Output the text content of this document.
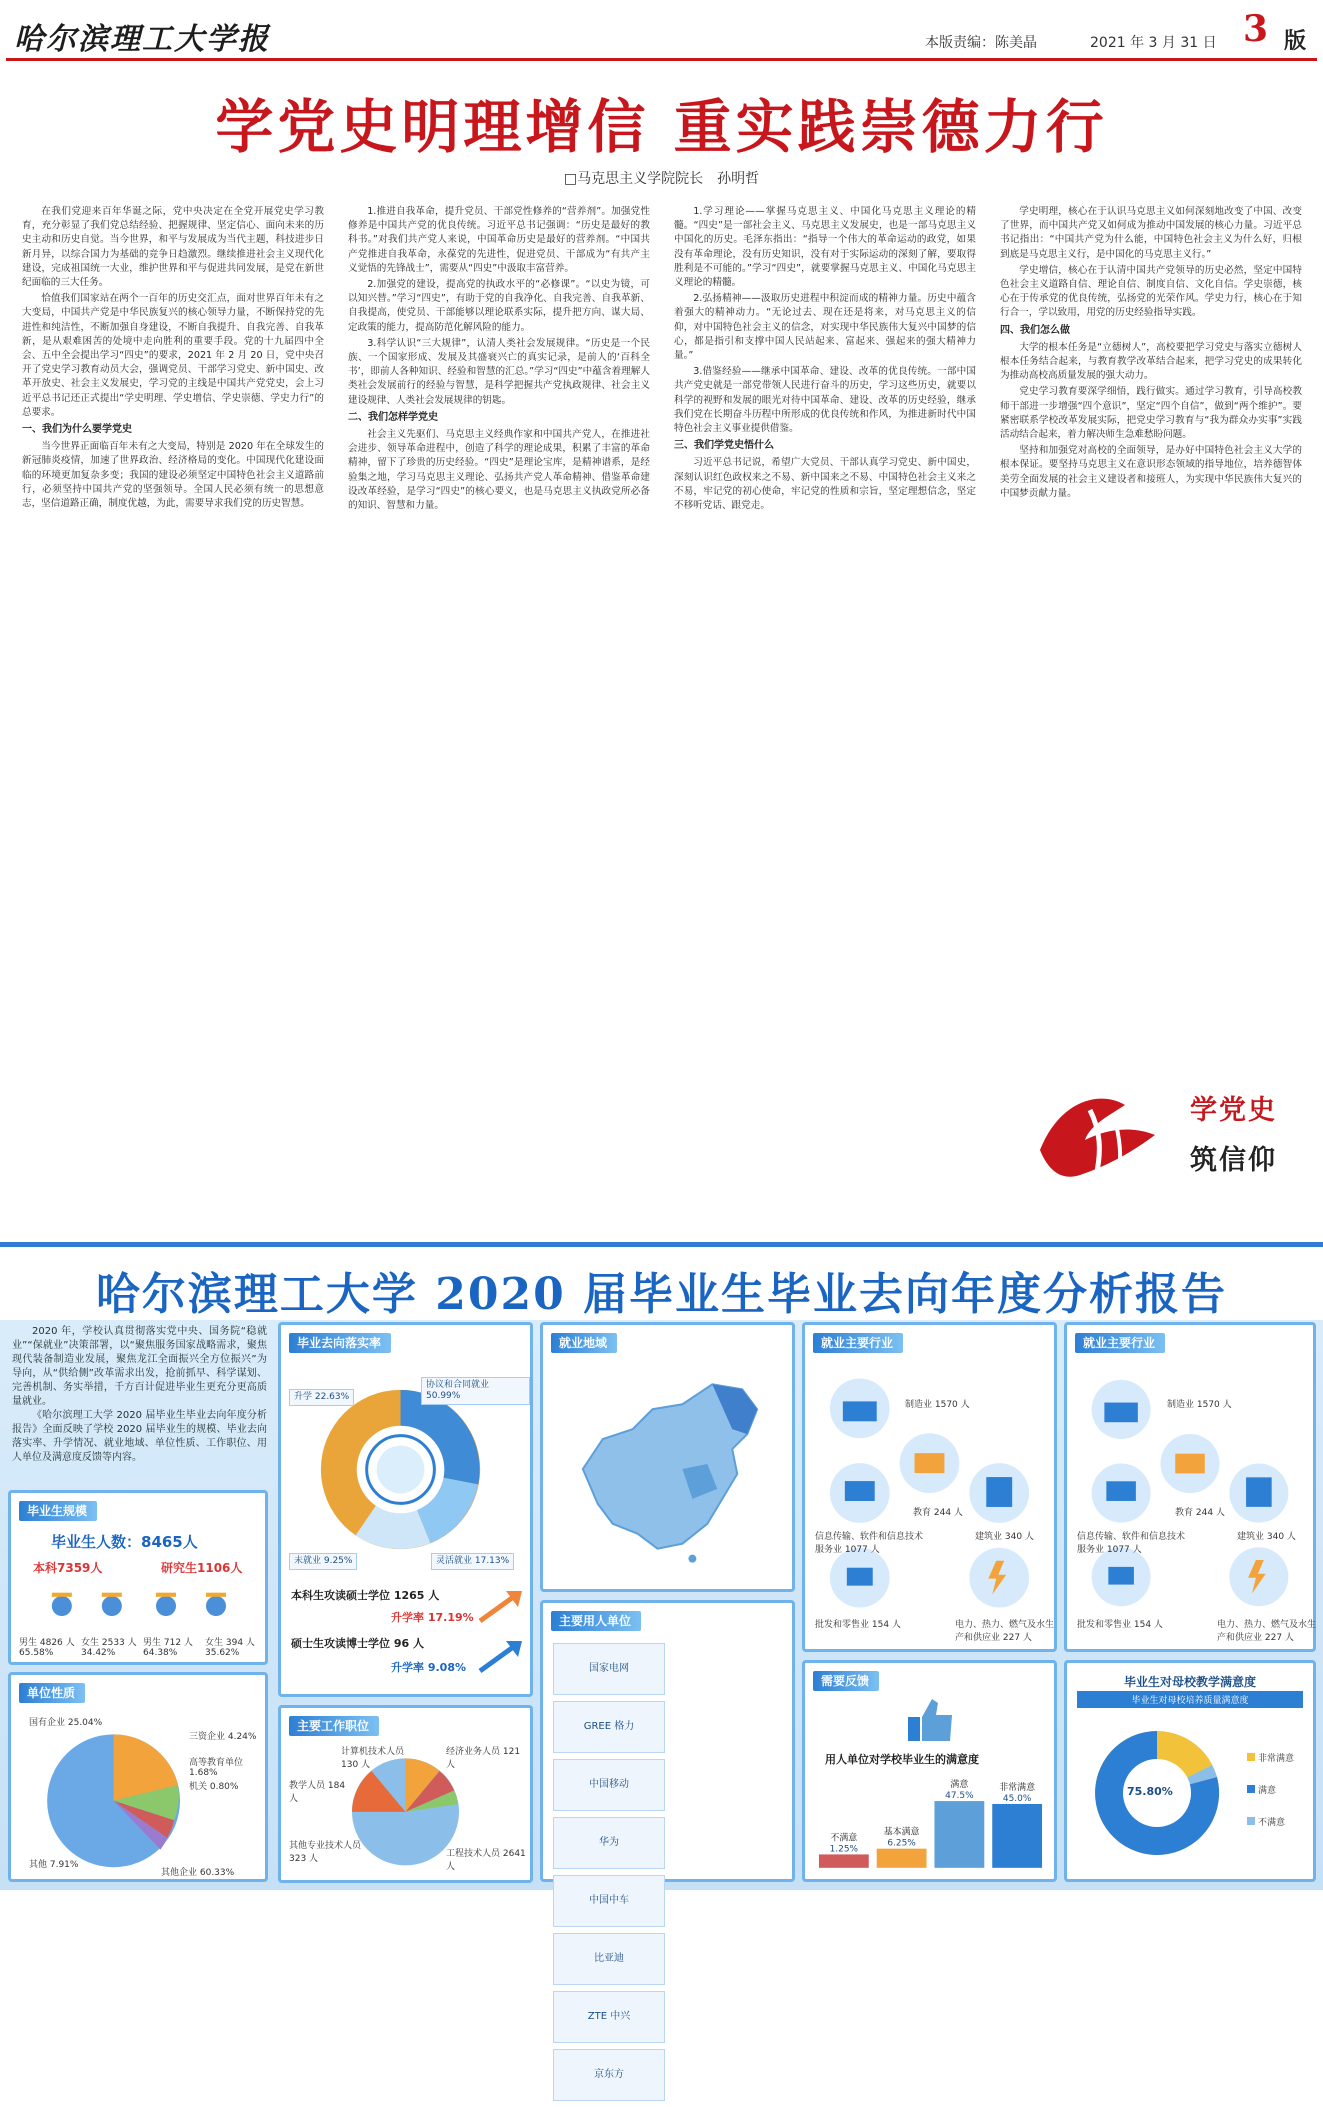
哈尔滨理工大学报	本版责编：陈美晶	2021 年 3 月 31 日 3 版
学党史明理增信 重实践崇德力行
□马克思主义学院院长　孙明哲

在我们党迎来百年华诞之际，党中央决定在全党开展党史学习教育，充分彰显了我们党总结经验、把握规律、坚定信心、面向未来的历史主动和历史自觉。当今世界，和平与发展成为当代主题，科技进步日新月异，以综合国力为基础的竞争日趋激烈。继续推进社会主义现代化建设，完成祖国统一大业，维护世界和平与促进共同发展，是党在新世纪面临的三大任务。

恰值我们国家站在两个一百年的历史交汇点，面对世界百年未有之大变局，中国共产党是中华民族复兴的核心领导力量，不断保持党的先进性和纯洁性，不断加强自身建设，不断自我提升、自我完善、自我革新，是从艰难困苦的处境中走向胜利的重要手段。党的十九届四中全会、五中全会提出学习“四史”的要求，2021 年 2 月 20 日，党中央召开了党史学习教育动员大会，强调党员、干部学习党史、新中国史、改革开放史、社会主义发展史，学习党的主线是中国共产党党史，会上习近平总书记还正式提出“学史明理、学史增信、学史崇德、学史力行”的总要求。

一、我们为什么要学党史

当今世界正面临百年未有之大变局，特别是 2020 年在全球发生的新冠肺炎疫情，加速了世界政治、经济格局的变化。中国现代化建设面临的环境更加复杂多变；我国的建设必须坚定中国特色社会主义道路前行，必须坚持中国共产党的坚强领导。全国人民必须有统一的思想意志，坚信道路正确，制度优越，为此，需要导求我们党的历史智慧。

1.推进自我革命，提升党员、干部党性修养的“营养剂”。加强党性修养是中国共产党的优良传统。习近平总书记强调：“历史是最好的教科书。”对我们共产党人来说，中国革命历史是最好的营养剂。“中国共产党推进自我革命，永葆党的先进性，促进党员、干部成为“有共产主义觉悟的先锋战士”，需要从“四史”中汲取丰富营养。

2.加强党的建设，提高党的执政水平的“必修课”。“以史为镜，可以知兴替。”学习“四史”，有助于党的自我净化、自我完善、自我革新、自我提高，使党员、干部能够以理论联系实际，提升把方向、谋大局、定政策的能力，提高防范化解风险的能力。

3.科学认识“三大规律”，认清人类社会发展规律。“历史是一个民族、一个国家形成、发展及其盛衰兴亡的真实记录，是前人的‘百科全书’，即前人各种知识、经验和智慧的汇总。”学习“四史”中蕴含着理解人类社会发展前行的经验与智慧，是科学把握共产党执政规律、社会主义建设规律、人类社会发展规律的钥匙。

二、我们怎样学党史

社会主义先驱们、马克思主义经典作家和中国共产党人，在推进社会进步、领导革命进程中，创造了科学的理论成果，积累了丰富的革命精神，留下了珍贵的历史经验。“四史”是理论宝库，是精神谱系，是经验集之地，学习马克思主义理论、弘扬共产党人革命精神、借鉴革命建设改革经验，是学习“四史”的核心要义，也是马克思主义执政党所必备的知识、智慧和力量。

1.学习理论——掌握马克思主义、中国化马克思主义理论的精髓。“四史”是一部社会主义、马克思主义发展史，也是一部马克思主义中国化的历史。毛泽东指出：“指导一个伟大的革命运动的政党，如果没有革命理论，没有历史知识，没有对于实际运动的深刻了解，要取得胜利是不可能的。”学习“四史”，就要掌握马克思主义、中国化马克思主义理论的精髓。

2.弘扬精神——汲取历史进程中积淀而成的精神力量。历史中蕴含着强大的精神动力。“无论过去、现在还是将来，对马克思主义的信仰，对中国特色社会主义的信念，对实现中华民族伟大复兴中国梦的信心，都是指引和支撑中国人民站起来、富起来、强起来的强大精神力量。”

3.借鉴经验——继承中国革命、建设、改革的优良传统。一部中国共产党史就是一部党带领人民进行奋斗的历史，学习这些历史，就要以科学的视野和发展的眼光对待中国革命、建设、改革的历史经验，继承我们党在长期奋斗历程中所形成的优良传统和作风，为推进新时代中国特色社会主义事业提供借鉴。

三、我们学党史悟什么

习近平总书记说，希望广大党员、干部认真学习党史、新中国史，深刻认识红色政权来之不易、新中国来之不易、中国特色社会主义来之不易，牢记党的初心使命，牢记党的性质和宗旨，坚定理想信念，坚定不移听党话、跟党走。

学史明理，核心在于认识马克思主义如何深刻地改变了中国、改变了世界，而中国共产党又如何成为推动中国发展的核心力量。习近平总书记指出：“中国共产党为什么能，中国特色社会主义为什么好，归根到底是马克思主义行，是中国化的马克思主义行。”

学史增信，核心在于认清中国共产党领导的历史必然，坚定中国特色社会主义道路自信、理论自信、制度自信、文化自信。学史崇德，核心在于传承党的优良传统，弘扬党的光荣作风。学史力行，核心在于知行合一，学以致用，用党的历史经验指导实践。

四、我们怎么做

大学的根本任务是“立德树人”，高校要把学习党史与落实立德树人根本任务结合起来，与教育教学改革结合起来，把学习党史的成果转化为推动高校高质量发展的强大动力。

党史学习教育要深学细悟，践行做实。通过学习教育，引导高校教师干部进一步增强“四个意识”，坚定“四个自信”，做到“两个维护”。要紧密联系学校改革发展实际，把党史学习教育与“我为群众办实事”实践活动结合起来，着力解决师生急难愁盼问题。

坚持和加强党对高校的全面领导，是办好中国特色社会主义大学的根本保证。要坚持马克思主义在意识形态领域的指导地位，培养德智体美劳全面发展的社会主义建设者和接班人，为实现中华民族伟大复兴的中国梦贡献力量。

学党史
筑信仰
哈尔滨理工大学 2020 届毕业生毕业去向年度分析报告

2020 年，学校认真贯彻落实党中央、国务院“稳就业”“保就业”决策部署，以“聚焦服务国家战略需求，聚焦现代装备制造业发展，聚焦龙江全面振兴全方位振兴”为导向，从“供给侧”改革需求出发，抢前抓早、科学谋划、完善机制、务实举措，千方百计促进毕业生更充分更高质量就业。

《哈尔滨理工大学 2020 届毕业生毕业去向年度分析报告》全面反映了学校 2020 届毕业生的规模、毕业去向落实率、升学情况、就业地域、单位性质、工作职位、用人单位及满意度反馈等内容。

毕业生规模
毕业生人数：8465人
本科7359人	研究生1106人
男生 4826 人 65.58%
女生 2533 人 34.42%
男生 712 人 64.38%
女生 394 人 35.62%
单位性质
其他企业 60.33%
国有企业 25.04%
三资企业 4.24%
高等教育单位 1.68%
机关 0.80%
其他 7.91%
毕业去向落实率
升学 22.63%
协议和合同就业 50.99%
灵活就业 17.13%
未就业 9.25%
本科生攻读硕士学位 1265 人
升学率 17.19%
硕士生攻读博士学位 96 人
升学率 9.08%
主要工作职位
工程技术人员 2641 人
计算机技术人员 130 人
教学人员 184 人
经济业务人员 121 人
其他专业技术人员 323 人
就业地域
主要用人单位
国家电网 GREE 格力 中国移动 华为 中国中车 比亚迪 ZTE 中兴 京东方
就业主要行业
制造业 1570 人
信息传输、软件和信息技术服务业 1077 人
教育 244 人
建筑业 340 人
批发和零售业 154 人	电力、热力、燃气及水生产和供应业 227 人
需要反馈
用人单位对学校毕业生的满意度
不满意
1.25%
基本满意
6.25%
满意
47.5%
非常满意
45.0%
就业主要行业
制造业 1570 人
信息传输、软件和信息技术服务业 1077 人
教育 244 人
建筑业 340 人
批发和零售业 154 人	电力、热力、燃气及水生产和供应业 227 人
毕业生对母校教学满意度
毕业生对母校培养质量满意度
75.80%
非常满意
满意
不满意
